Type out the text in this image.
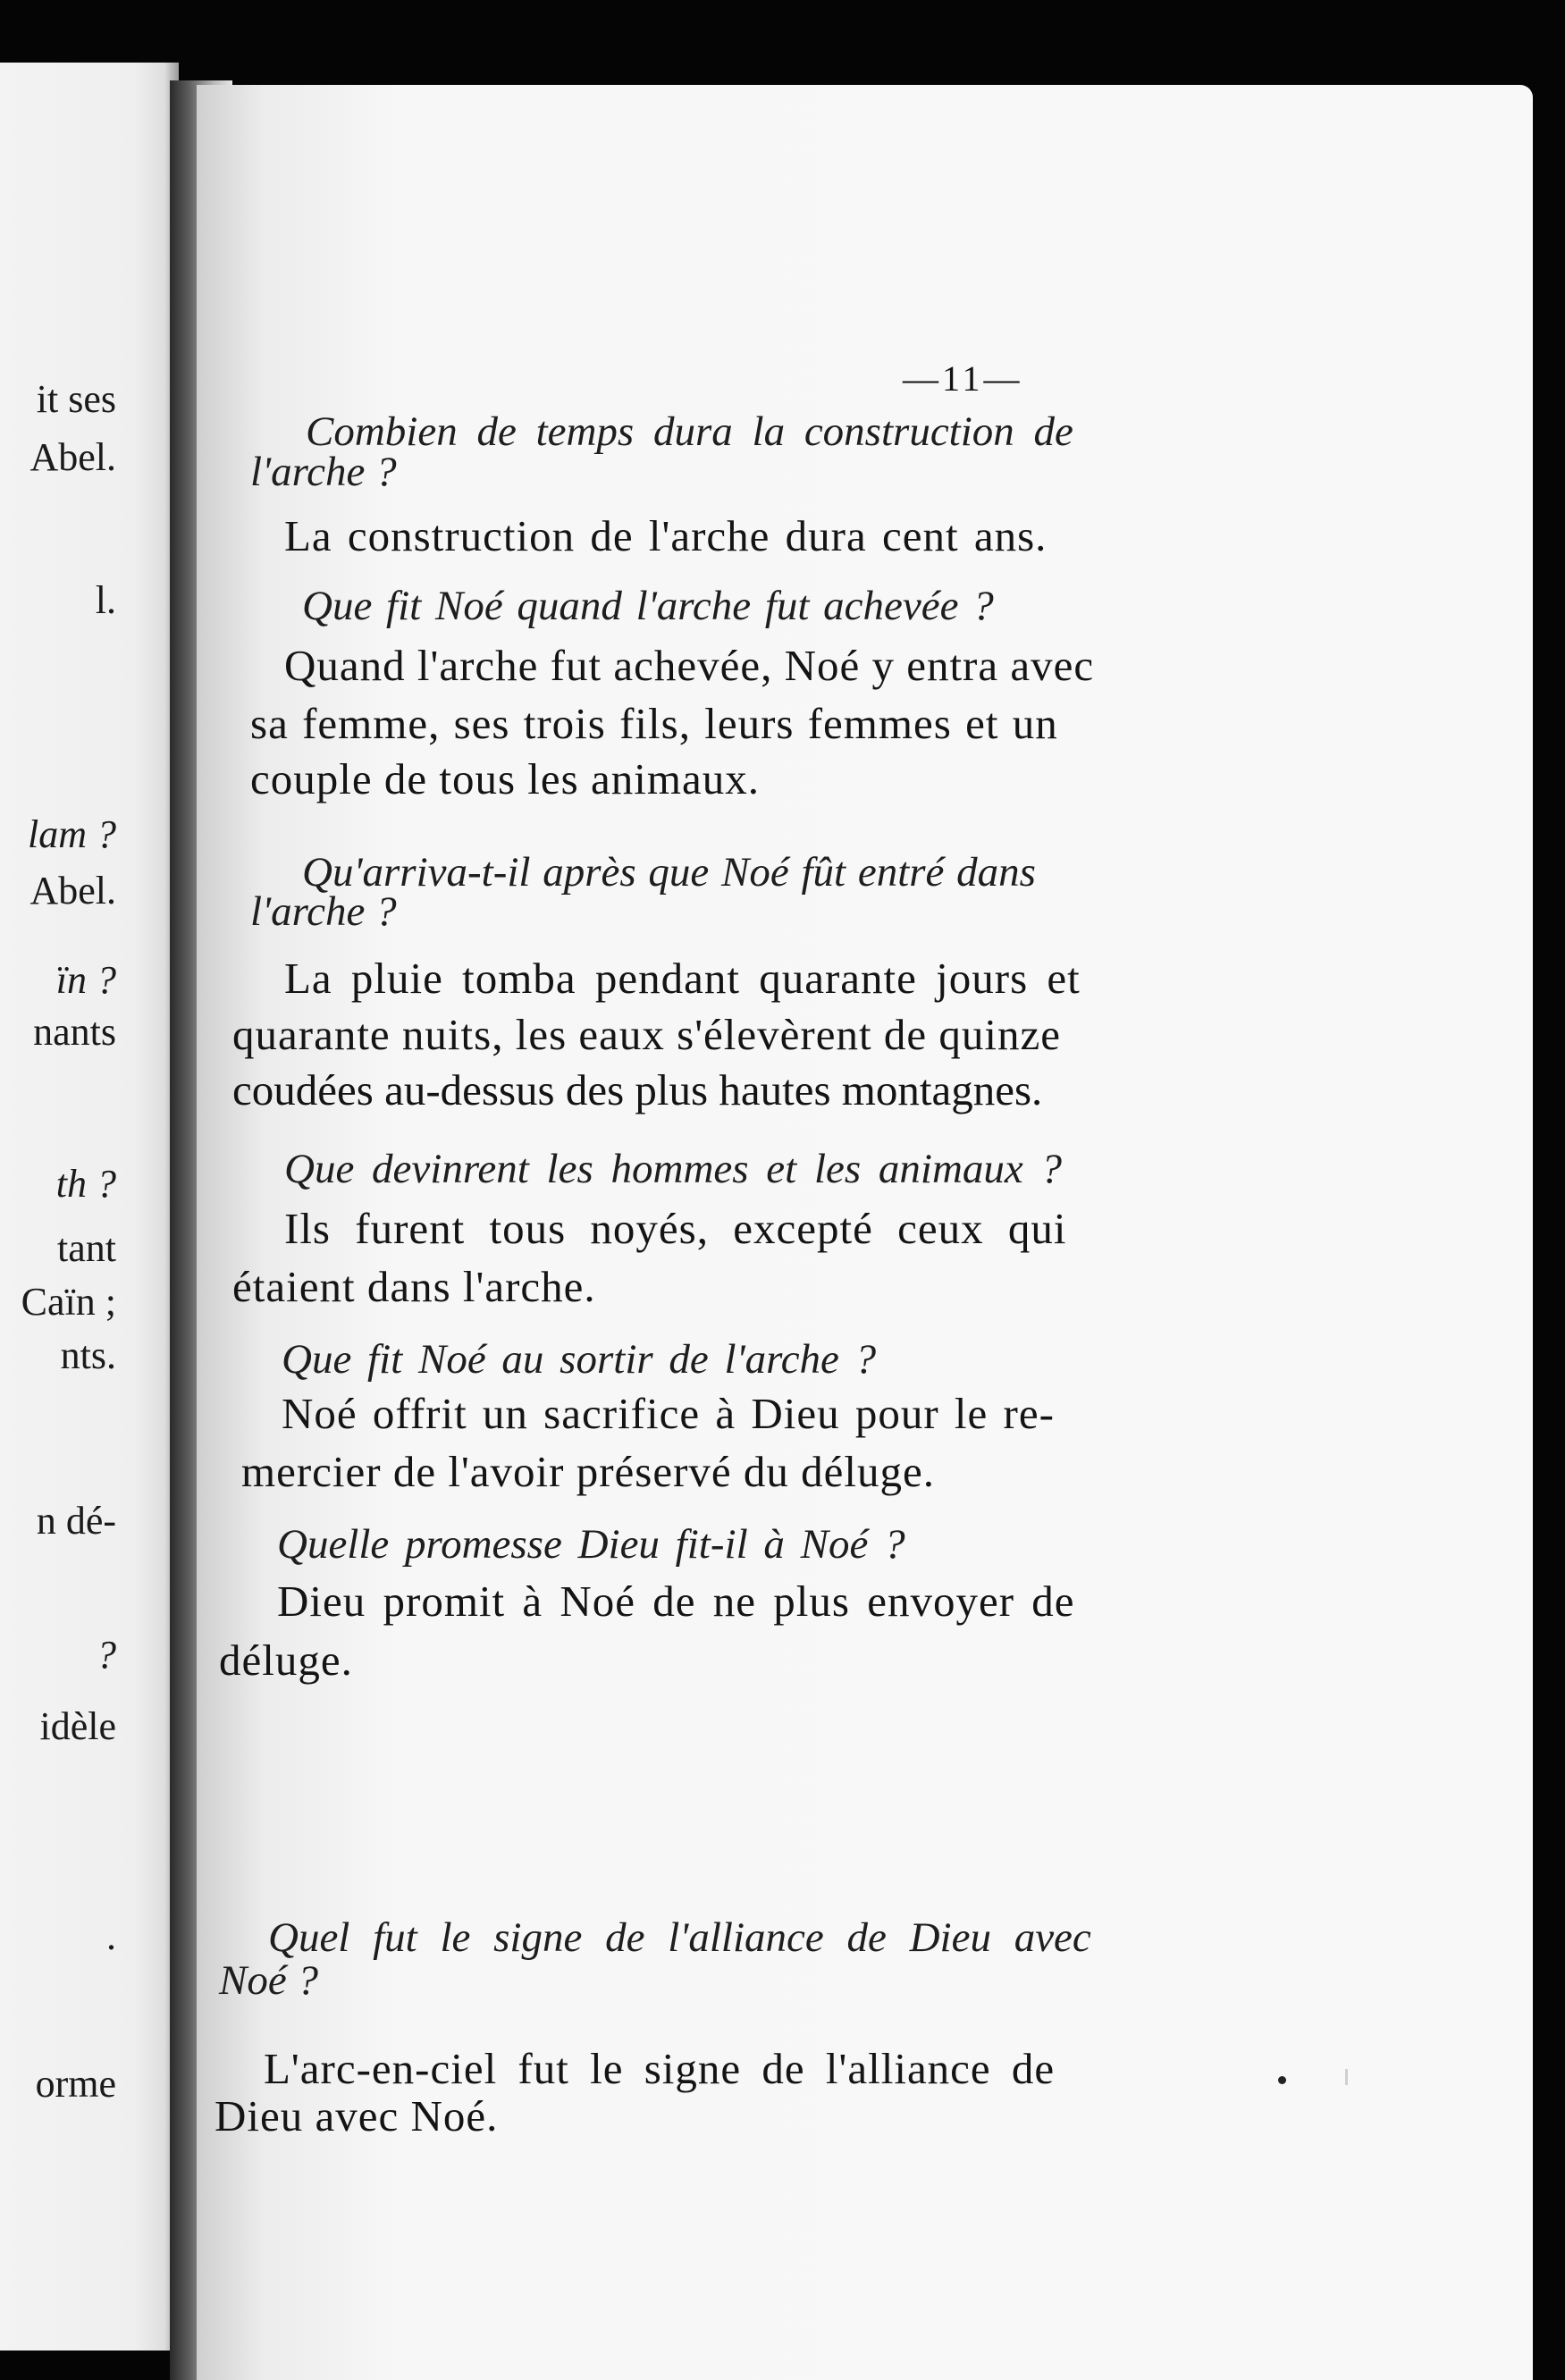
it ses
Abel.
l.
lam ?
Abel.
ïn ?
nants
th ?
tant
Caïn ;
nts.
n dé-
?
idèle
.
orme
—11—
Combien de temps dura la construction de
l'arche ?
La construction de l'arche dura cent ans.
Que fit Noé quand l'arche fut achevée ?
Quand l'arche fut achevée, Noé y entra avec
sa femme, ses trois fils, leurs femmes et un
couple de tous les animaux.
Qu'arriva-t-il après que Noé fût entré dans
l'arche ?
La pluie tomba pendant quarante jours et
quarante nuits, les eaux s'élevèrent de quinze
coudées au-dessus des plus hautes montagnes.
Que devinrent les hommes et les animaux ?
Ils furent tous noyés, excepté ceux qui
étaient dans l'arche.
Que fit Noé au sortir de l'arche ?
Noé offrit un sacrifice à Dieu pour le re-
mercier de l'avoir préservé du déluge.
Quelle promesse Dieu fit-il à Noé ?
Dieu promit à Noé de ne plus envoyer de
déluge.
Quel fut le signe de l'alliance de Dieu avec
Noé ?
L'arc-en-ciel fut le signe de l'alliance de
Dieu avec Noé.
